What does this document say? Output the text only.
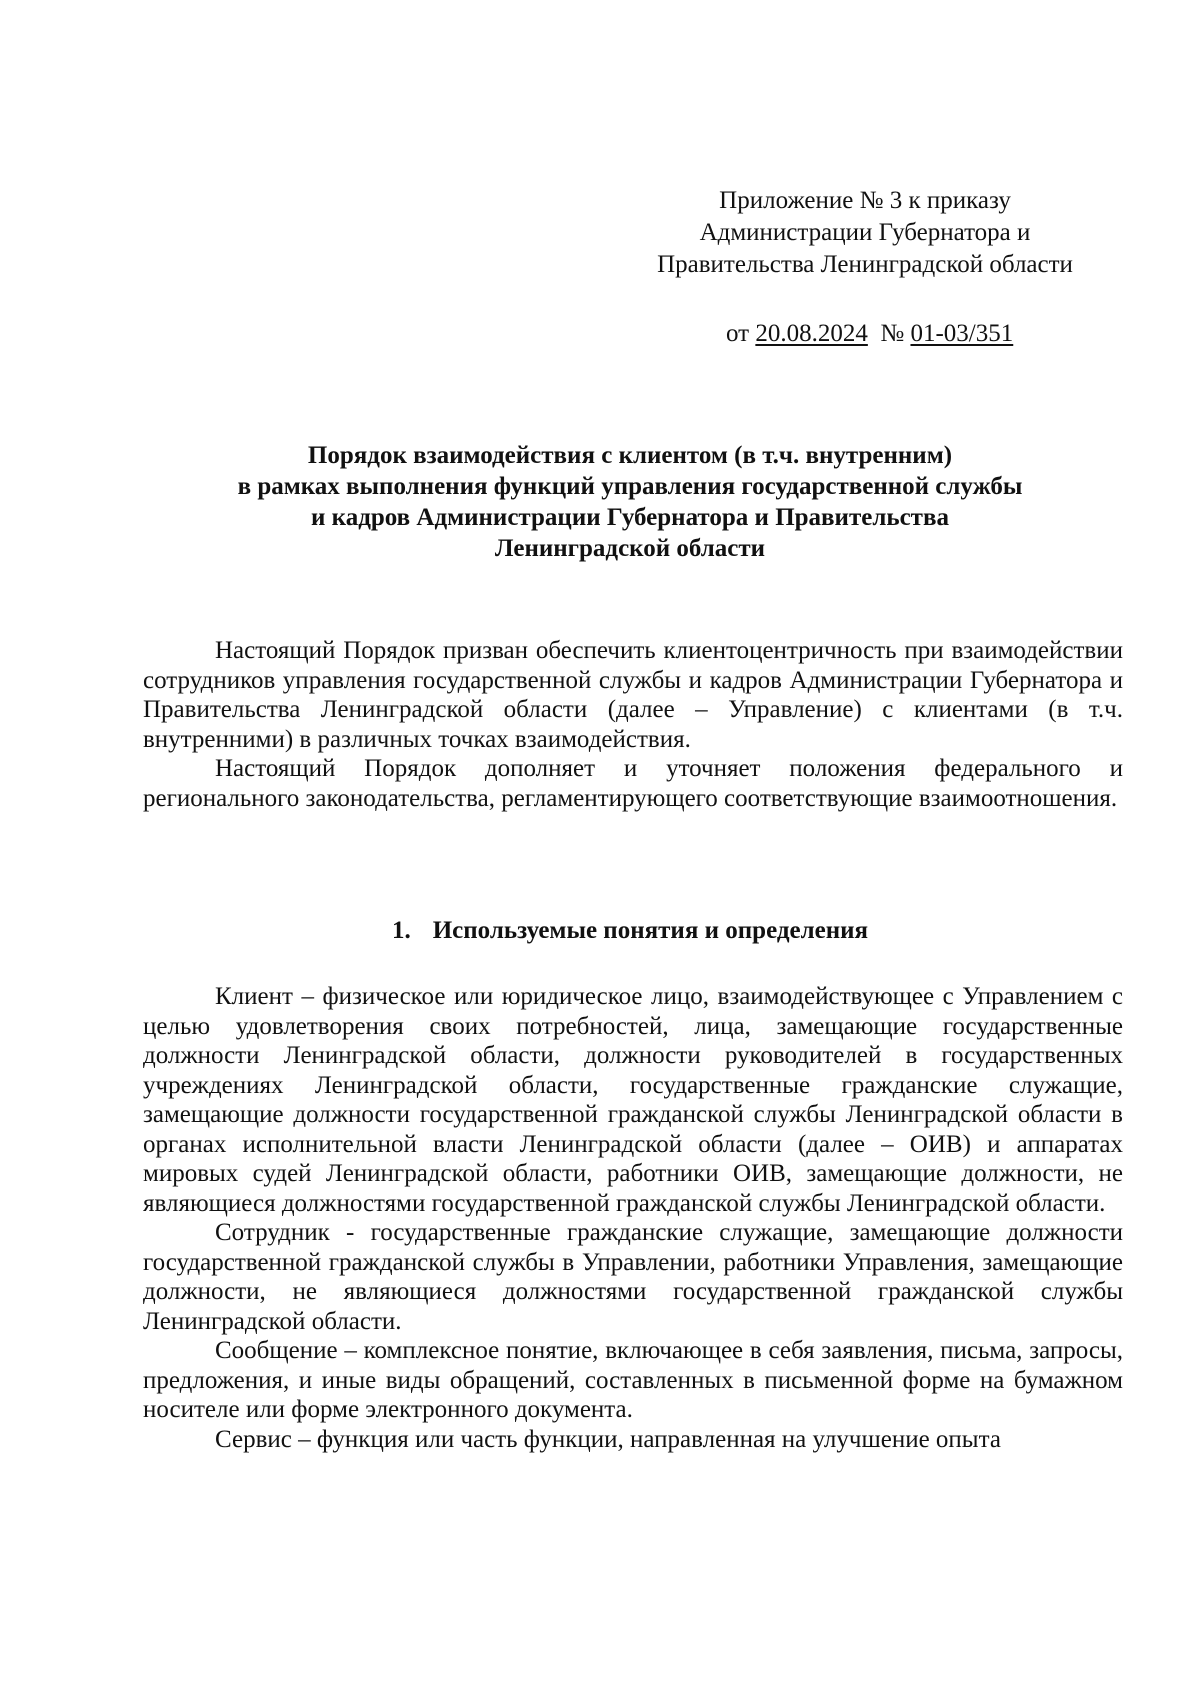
Приложение № 3 к приказу
Администрации Губернатора и
Правительства Ленинградской области
от 20.08.2024 № 01-03/351
Порядок взаимодействия с клиентом (в т.ч. внутренним)
в рамках выполнения функций управления государственной службы
и кадров Администрации Губернатора и Правительства
Ленинградской области

Настоящий Порядок призван обеспечить клиентоцентричность при взаимодействии сотрудников управления государственной службы и кадров Администрации Губернатора и Правительства Ленинградской области (далее – Управление) с клиентами (в т.ч. внутренними) в различных точках взаимодействия.

Настоящий Порядок дополняет и уточняет положения федерального и регионального законодательства, регламентирующего соответствующие взаимоотношения.

1. Используемые понятия и определения

Клиент – физическое или юридическое лицо, взаимодействующее с Управлением с целью удовлетворения своих потребностей, лица, замещающие государственные должности Ленинградской области, должности руководителей в государственных учреждениях Ленинградской области, государственные гражданские служащие, замещающие должности государственной гражданской службы Ленинградской области в органах исполнительной власти Ленинградской области (далее – ОИВ) и аппаратах мировых судей Ленинградской области, работники ОИВ, замещающие должности, не являющиеся должностями государственной гражданской службы Ленинградской области.

Сотрудник - государственные гражданские служащие, замещающие должности государственной гражданской службы в Управлении, работники Управления, замещающие должности, не являющиеся должностями государственной гражданской службы Ленинградской области.

Сообщение – комплексное понятие, включающее в себя заявления, письма, запросы, предложения, и иные виды обращений, составленных в письменной форме на бумажном носителе или форме электронного документа.

Сервис – функция или часть функции, направленная на улучшение опыта
